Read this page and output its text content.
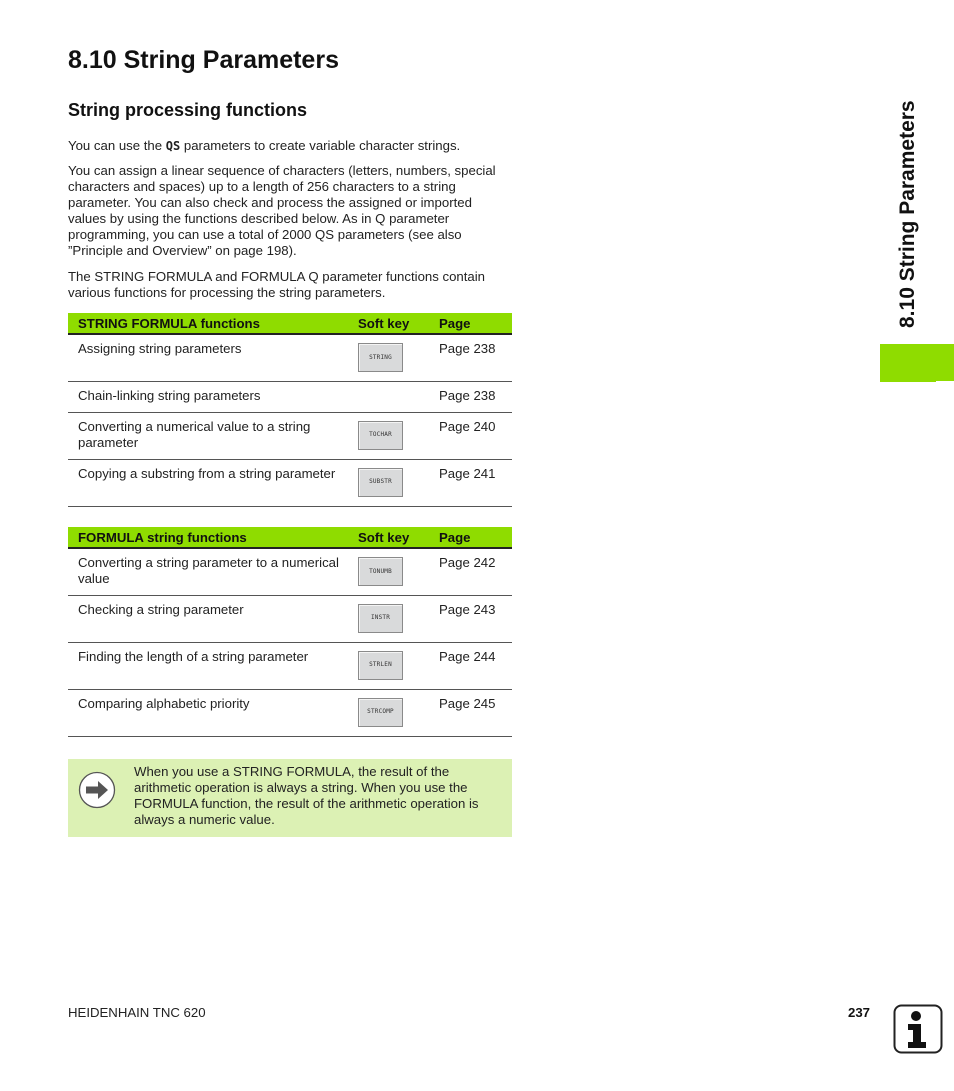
8.10 String Parameters
String processing functions

You can use the QS parameters to create variable character strings.

You can assign a linear sequence of characters (letters, numbers, special characters and spaces) up to a length of 256 characters to a string parameter. You can also check and process the assigned or imported values by using the functions described below. As in Q parameter programming, you can use a total of 2000 QS parameters (see also ”Principle and Overview” on page 198).

The STRING FORMULA and FORMULA Q parameter functions contain various functions for processing the string parameters.

STRING FORMULA functions	Soft key	Page
Assigning string parameters	STRING	Page 238
Chain-linking string parameters		Page 238
Converting a numerical value to a string parameter	TOCHAR	Page 240
Copying a substring from a string parameter	SUBSTR	Page 241
FORMULA string functions	Soft key	Page
Converting a string parameter to a numerical value	TONUMB	Page 242
Checking a string parameter	INSTR	Page 243
Finding the length of a string parameter	STRLEN	Page 244
Comparing alphabetic priority	STRCOMP	Page 245
When you use a STRING FORMULA, the result of the arithmetic operation is always a string. When you use the FORMULA function, the result of the arithmetic operation is always a numeric value.
8.10 String Parameters
HEIDENHAIN TNC 620	237
